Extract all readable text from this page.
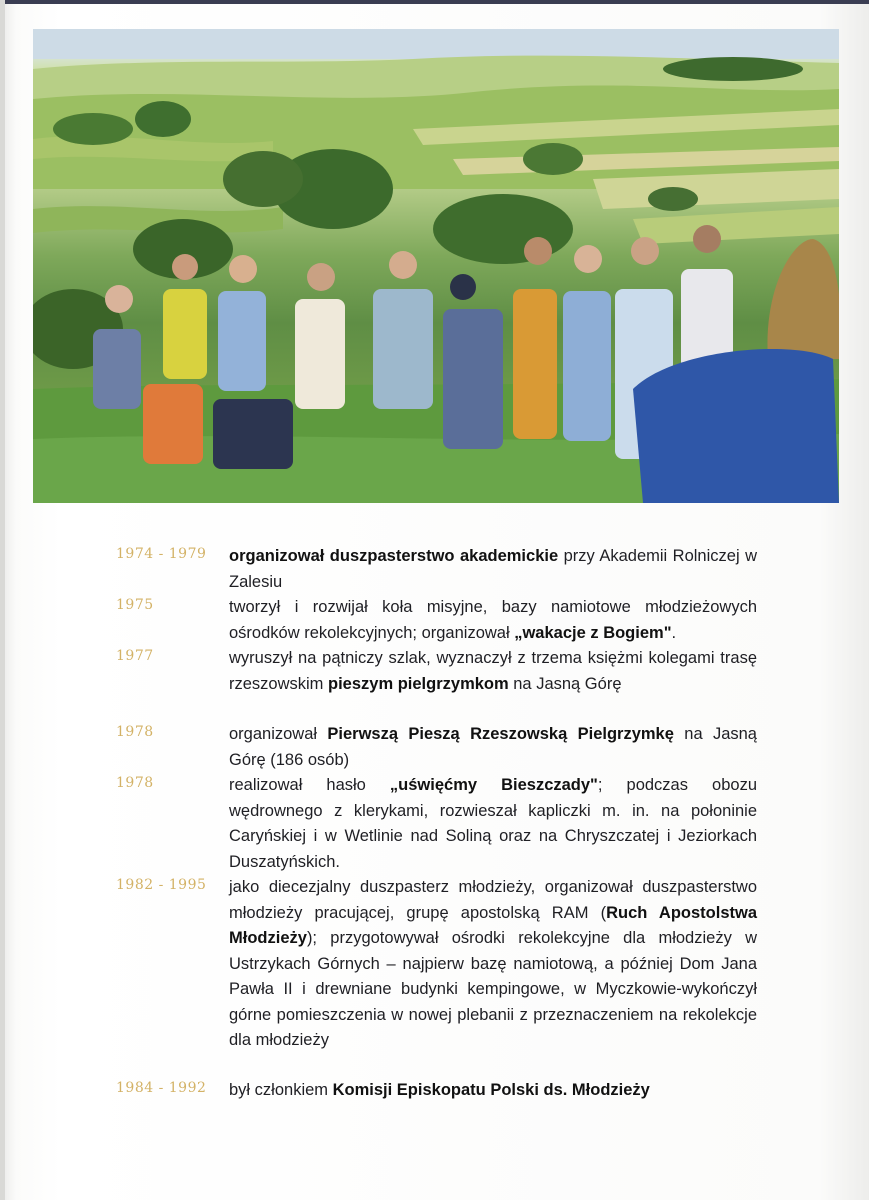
1974 - 1979 organizował duszpasterstwo akademickie przy Akademii Rolniczej w Zalesiu
1975	tworzył i rozwijał koła misyjne, bazy namiotowe młodzieżowych ośrodków rekolekcyjnych; organizował „wakacje z Bogiem".
1977	wyruszył na pątniczy szlak, wyznaczył z trzema księżmi kolegami trasę rzeszowskim pieszym pielgrzymkom na Jasną Górę
1978	organizował Pierwszą Pieszą Rzeszowską Pielgrzymkę na Jasną Górę (186 osób)
1978	realizował hasło „uświęćmy Bieszczady"; podczas obozu wędrownego z klerykami, rozwieszał kapliczki m. in. na połoninie Caryńskiej i w Wetlinie nad Soliną oraz na Chryszczatej i Jeziorkach Duszatyńskich.
1982 - 1995 jako diecezjalny duszpasterz młodzieży, organizował duszpasterstwo młodzieży pracującej, grupę apostolską RAM (Ruch Apostolstwa Młodzieży); przygotowywał ośrodki rekolekcyjne dla młodzieży w Ustrzykach Górnych – najpierw bazę namiotową, a później Dom Jana Pawła II i drewniane budynki kempingowe, w Myczkowie-wykończył górne pomieszczenia w nowej plebanii z przeznaczeniem na rekolekcje dla młodzieży
1984 - 1992 był członkiem Komisji Episkopatu Polski ds. Młodzieży
